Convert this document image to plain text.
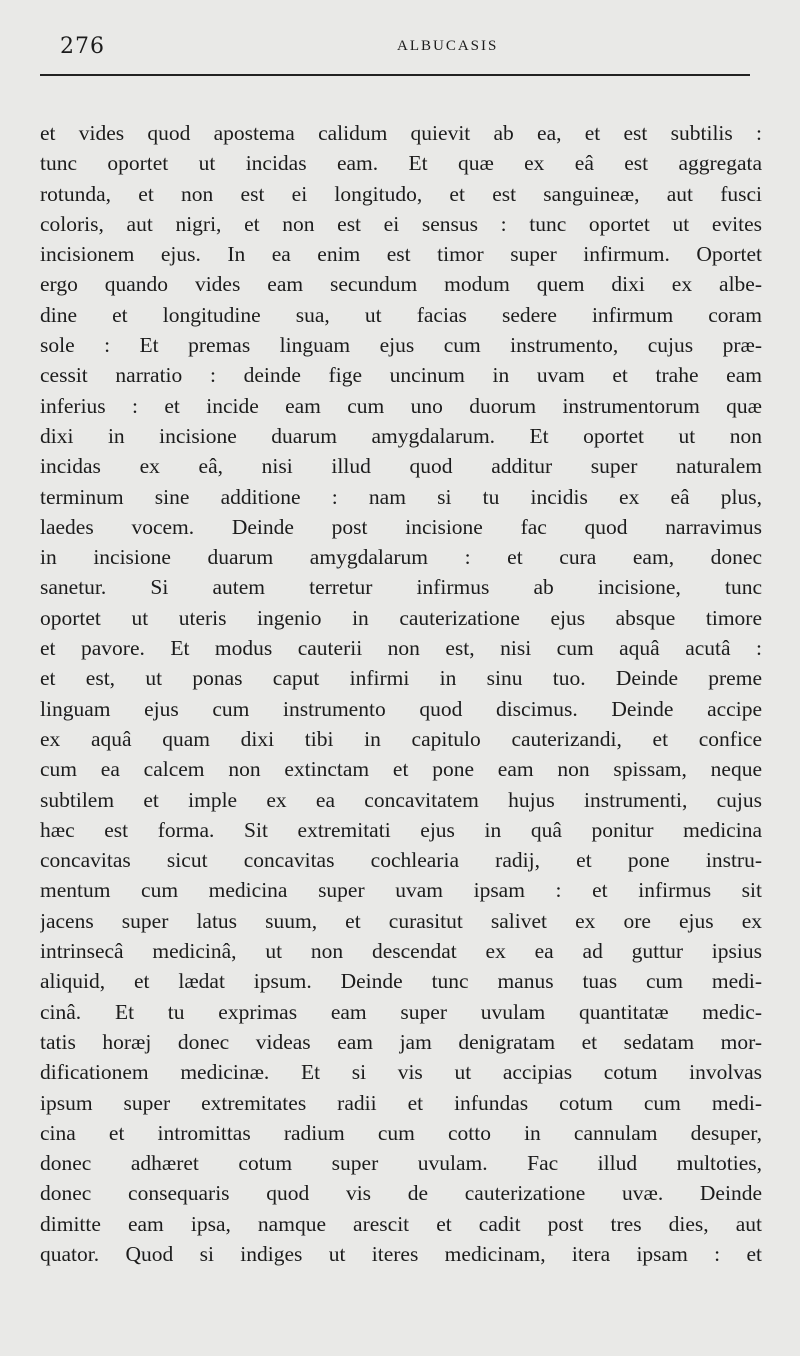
276	ALBUCASIS
et vides quod apostema calidum quievit ab ea, et est subtilis :
tunc oportet ut incidas eam. Et quæ ex eâ est aggregata
rotunda, et non est ei longitudo, et est sanguineæ, aut fusci
coloris, aut nigri, et non est ei sensus : tunc oportet ut evites
incisionem ejus. In ea enim est timor super infirmum. Oportet
ergo quando vides eam secundum modum quem dixi ex albe-
dine et longitudine sua, ut facias sedere infirmum coram
sole : Et premas linguam ejus cum instrumento, cujus præ-
cessit narratio : deinde fige uncinum in uvam et trahe eam
inferius : et incide eam cum uno duorum instrumentorum quæ
dixi in incisione duarum amygdalarum. Et oportet ut non
incidas ex eâ, nisi illud quod additur super naturalem
terminum sine additione : nam si tu incidis ex eâ plus,
laedes vocem. Deinde post incisione fac quod narravimus
in incisione duarum amygdalarum : et cura eam, donec
sanetur. Si autem terretur infirmus ab incisione, tunc
oportet ut uteris ingenio in cauterizatione ejus absque timore
et pavore. Et modus cauterii non est, nisi cum aquâ acutâ :
et est, ut ponas caput infirmi in sinu tuo. Deinde preme
linguam ejus cum instrumento quod discimus. Deinde accipe
ex aquâ quam dixi tibi in capitulo cauterizandi, et confice
cum ea calcem non extinctam et pone eam non spissam, neque
subtilem et imple ex ea concavitatem hujus instrumenti, cujus
hæc est forma. Sit extremitati ejus in quâ ponitur medicina
concavitas sicut concavitas cochlearia radij, et pone instru-
mentum cum medicina super uvam ipsam : et infirmus sit
jacens super latus suum, et curasitut salivet ex ore ejus ex
intrinsecâ medicinâ, ut non descendat ex ea ad guttur ipsius
aliquid, et lædat ipsum. Deinde tunc manus tuas cum medi-
cinâ. Et tu exprimas eam super uvulam quantitatæ medic-
tatis horæj donec videas eam jam denigratam et sedatam mor-
dificationem medicinæ. Et si vis ut accipias cotum involvas
ipsum super extremitates radii et infundas cotum cum medi-
cina et intromittas radium cum cotto in cannulam desuper,
donec adhæret cotum super uvulam. Fac illud multoties,
donec consequaris quod vis de cauterizatione uvæ. Deinde
dimitte eam ipsa, namque arescit et cadit post tres dies, aut
quator. Quod si indiges ut iteres medicinam, itera ipsam : et
